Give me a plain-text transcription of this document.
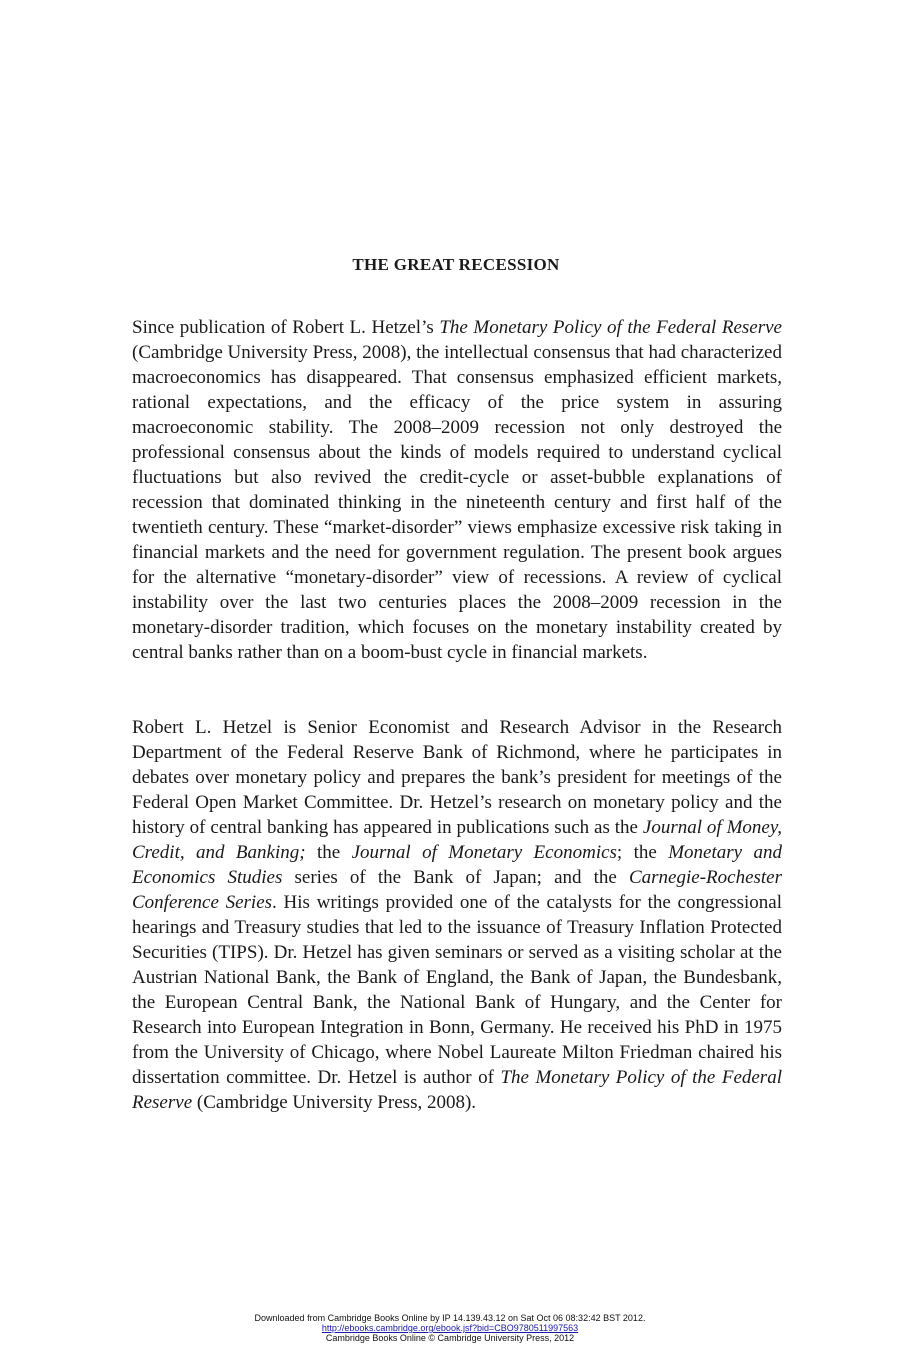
THE GREAT RECESSION

Since publication of Robert L. Hetzel’s The Monetary Policy of the Federal Reserve (Cambridge University Press, 2008), the intellectual consensus that had characterized macroeconomics has disappeared. That consensus emphasized efficient markets, rational expectations, and the efficacy of the price system in assuring macroeconomic stability. The 2008–2009 recession not only destroyed the professional consensus about the kinds of models required to understand cyclical fluctuations but also revived the credit-cycle or asset-bubble explanations of recession that dominated thinking in the nineteenth century and first half of the twentieth century. These “market-disorder” views emphasize excessive risk taking in financial markets and the need for government regulation. The present book argues for the alternative “monetary-disorder” view of recessions. A review of cyclical instability over the last two centuries places the 2008–2009 recession in the monetary-disorder tradition, which focuses on the monetary instability created by central banks rather than on a boom-bust cycle in financial markets.

Robert L. Hetzel is Senior Economist and Research Advisor in the Research Department of the Federal Reserve Bank of Richmond, where he participates in debates over monetary policy and prepares the bank’s president for meetings of the Federal Open Market Committee. Dr. Hetzel’s research on monetary policy and the history of central banking has appeared in publications such as the Journal of Money, Credit, and Banking; the Journal of Monetary Economics; the Monetary and Economics Studies series of the Bank of Japan; and the Carnegie-Rochester Conference Series. His writings provided one of the catalysts for the congressional hearings and Treasury studies that led to the issuance of Treasury Inflation Protected Securities (TIPS). Dr. Hetzel has given seminars or served as a visiting scholar at the Austrian National Bank, the Bank of England, the Bank of Japan, the Bundesbank, the European Central Bank, the National Bank of Hungary, and the Center for Research into European Integration in Bonn, Germany. He received his PhD in 1975 from the University of Chicago, where Nobel Laureate Milton Friedman chaired his dissertation committee. Dr. Hetzel is author of The Monetary Policy of the Federal Reserve (Cambridge University Press, 2008).

Downloaded from Cambridge Books Online by IP 14.139.43.12 on Sat Oct 06 08:32:42 BST 2012.
http://ebooks.cambridge.org/ebook.jsf?bid=CBO9780511997563
Cambridge Books Online © Cambridge University Press, 2012
